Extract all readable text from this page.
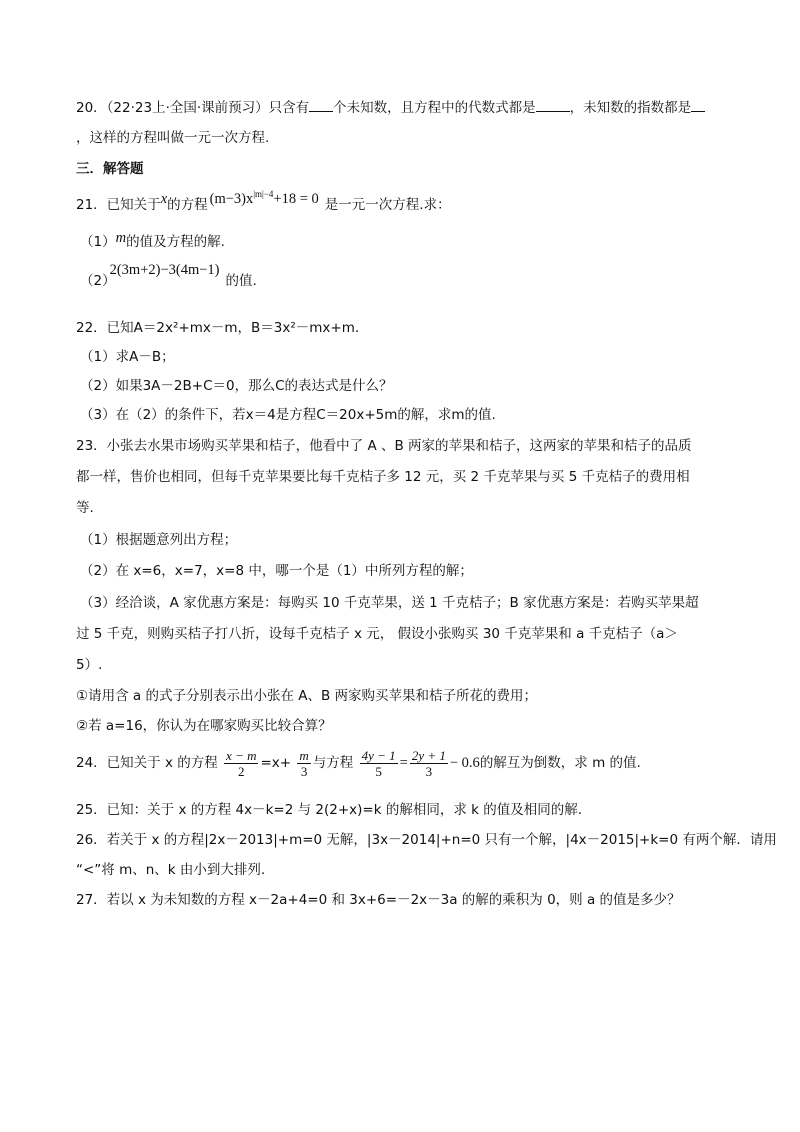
20．（22·23上·全国·课前预习）只含有 个未知数，且方程中的代数式都是	，未知数的指数都是
，这样的方程叫做一元一次方程.
三．解答题
21．已知关于x的方程 $(m-3)x^{|m|-4}+18 = 0$ 是一元一次方程.求：
（1）m的值及方程的解.
（2）2(3m+2)−3(4m−1)的值.
22．已知A＝2x²+mx－m，B＝3x²－mx+m.
（1）求A－B；
（2）如果3A－2B+C＝0，那么C的表达式是什么？
（3）在（2）的条件下，若x＝4是方程C＝20x+5m的解，求m的值.
23．小张去水果市场购买苹果和桔子，他看中了 A 、B 两家的苹果和桔子，这两家的苹果和桔子的品质
都一样，售价也相同，但每千克苹果要比每千克桔子多 12 元，买 2 千克苹果与买 5 千克桔子的费用相
等.
（1）根据题意列出方程；
（2）在 x=6，x=7，x=8 中，哪一个是（1）中所列方程的解；
（3）经洽谈，A 家优惠方案是：每购买 10 千克苹果，送 1 千克桔子；B 家优惠方案是：若购买苹果超
过 5 千克，则购买桔子打八折，设每千克桔子 x 元， 假设小张购买 30 千克苹果和 a 千克桔子（a＞
5）.
①请用含 a 的式子分别表示出小张在 A、B 两家购买苹果和桔子所花的费用；
②若 a=16，你认为在哪家购买比较合算？
24．已知关于 x 的方程 $\frac{x - m}{2} =x+ \frac{m}{3}$ 与方程 $\frac{4y - 1}{5} = \frac{2y + 1}{3} - 0.6$的解互为倒数，求 m 的值.
25．已知：关于 x 的方程 4x－k=2 与 2(2+x)=k 的解相同，求 k 的值及相同的解.
26．若关于 x 的方程|2x－2013|+m=0 无解，|3x－2014|+n=0 只有一个解，|4x－2015|+k=0 有两个解．请用
“<”将 m、n、k 由小到大排列.
27．若以 x 为未知数的方程 x－2a+4=0 和 3x+6=－2x－3a 的解的乘积为 0，则 a 的值是多少？
